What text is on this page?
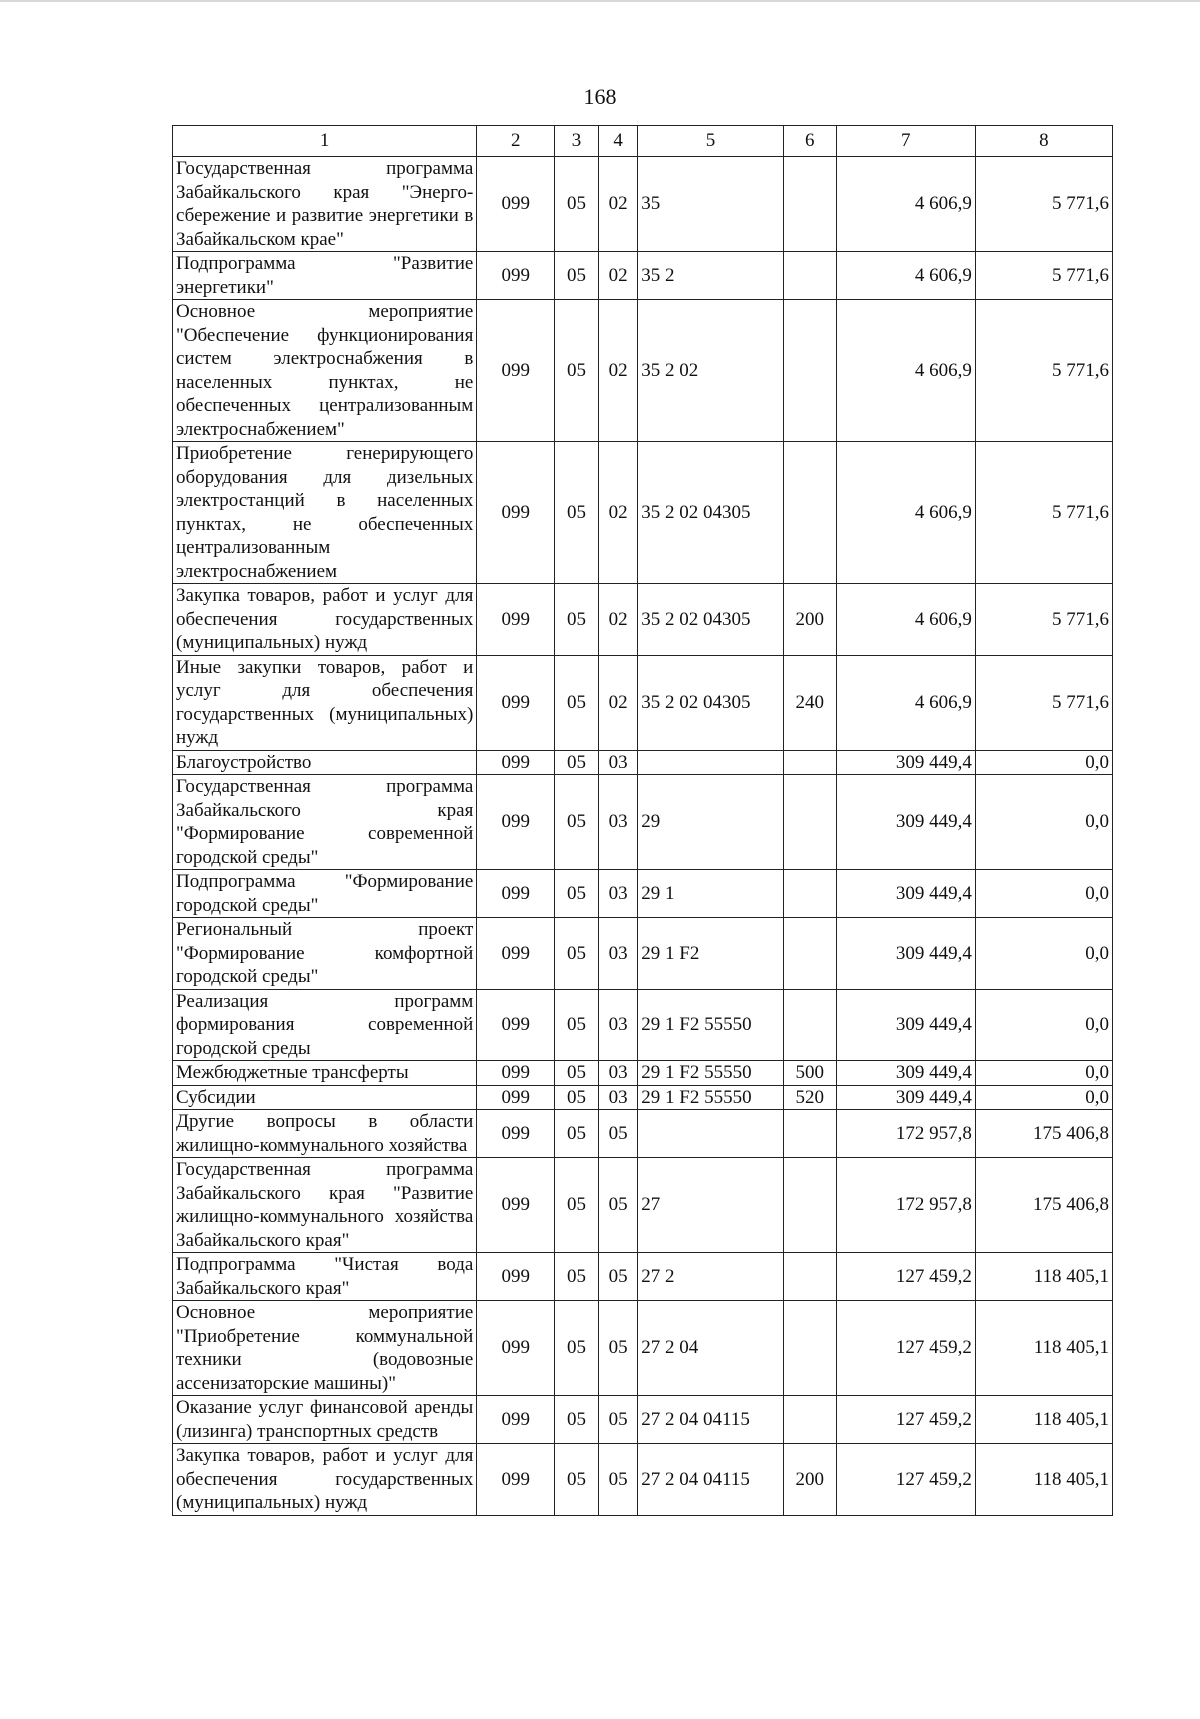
168
1	2	3	4	5	6	7	8
Государственная программа Забайкальского края "Энерго-сбережение и развитие энергетики в Забайкальском крае"	099	05	02	35		4 606,9	5 771,6
Подпрограмма "Развитие энергетики"	099	05	02	35 2		4 606,9	5 771,6
Основное мероприятие "Обеспечение функционирования систем электроснабжения в населенных пунктах, не обеспеченных централизованным электроснабжением"	099	05	02	35 2 02		4 606,9	5 771,6
Приобретение генерирующего оборудования для дизельных электростанций в населенных пунктах, не обеспеченных централизованным электроснабжением	099	05	02	35 2 02 04305		4 606,9	5 771,6
Закупка товаров, работ и услуг для обеспечения государственных (муниципальных) нужд	099	05	02	35 2 02 04305	200	4 606,9	5 771,6
Иные закупки товаров, работ и услуг для обеспечения государственных (муниципальных) нужд	099	05	02	35 2 02 04305	240	4 606,9	5 771,6
Благоустройство	099	05	03			309 449,4	0,0
Государственная программа Забайкальского края "Формирование современной городской среды"	099	05	03	29		309 449,4	0,0
Подпрограмма "Формирование городской среды"	099	05	03	29 1		309 449,4	0,0
Региональный проект "Формирование комфортной городской среды"	099	05	03	29 1 F2		309 449,4	0,0
Реализация программ формирования современной городской среды	099	05	03	29 1 F2 55550		309 449,4	0,0
Межбюджетные трансферты	099	05	03	29 1 F2 55550	500	309 449,4	0,0
Субсидии	099	05	03	29 1 F2 55550	520	309 449,4	0,0
Другие вопросы в области жилищно-коммунального хозяйства	099	05	05			172 957,8	175 406,8
Государственная программа Забайкальского края "Развитие жилищно-коммунального хозяйства Забайкальского края"	099	05	05	27		172 957,8	175 406,8
Подпрограмма "Чистая вода Забайкальского края"	099	05	05	27 2		127 459,2	118 405,1
Основное мероприятие "Приобретение коммунальной техники (водовозные ассенизаторские машины)"	099	05	05	27 2 04		127 459,2	118 405,1
Оказание услуг финансовой аренды (лизинга) транспортных средств	099	05	05	27 2 04 04115		127 459,2	118 405,1
Закупка товаров, работ и услуг для обеспечения государственных (муниципальных) нужд	099	05	05	27 2 04 04115	200	127 459,2	118 405,1
